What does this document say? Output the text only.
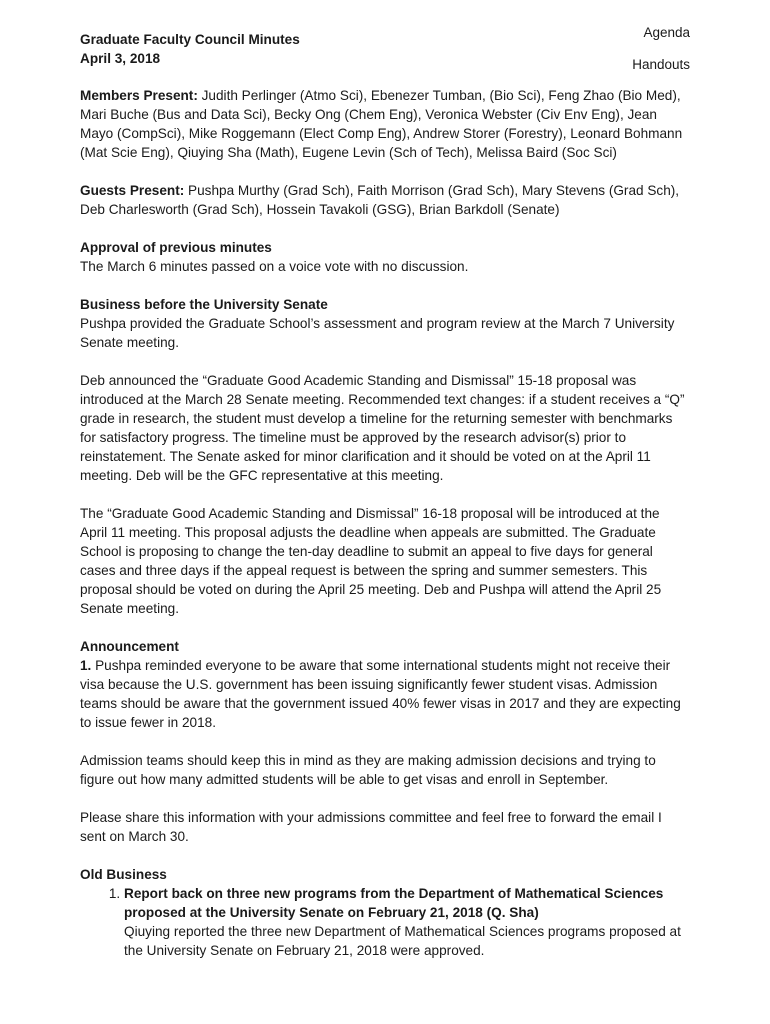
Agenda
Handouts
Graduate Faculty Council Minutes
April 3, 2018

Members Present: Judith Perlinger (Atmo Sci), Ebenezer Tumban, (Bio Sci), Feng Zhao (Bio Med), Mari Buche (Bus and Data Sci), Becky Ong (Chem Eng), Veronica Webster (Civ Env Eng), Jean Mayo (CompSci), Mike Roggemann (Elect Comp Eng), Andrew Storer (Forestry), Leonard Bohmann (Mat Scie Eng), Qiuying Sha (Math), Eugene Levin (Sch of Tech), Melissa Baird (Soc Sci)

Guests Present: Pushpa Murthy (Grad Sch), Faith Morrison (Grad Sch), Mary Stevens (Grad Sch), Deb Charlesworth (Grad Sch), Hossein Tavakoli (GSG), Brian Barkdoll (Senate)

Approval of previous minutes
The March 6 minutes passed on a voice vote with no discussion.

Business before the University Senate
Pushpa provided the Graduate School’s assessment and program review at the March 7 University Senate meeting.

Deb announced the “Graduate Good Academic Standing and Dismissal” 15-18 proposal was introduced at the March 28 Senate meeting. Recommended text changes: if a student receives a “Q” grade in research, the student must develop a timeline for the returning semester with benchmarks for satisfactory progress. The timeline must be approved by the research advisor(s) prior to reinstatement. The Senate asked for minor clarification and it should be voted on at the April 11 meeting. Deb will be the GFC representative at this meeting.

The “Graduate Good Academic Standing and Dismissal” 16-18 proposal will be introduced at the April 11 meeting. This proposal adjusts the deadline when appeals are submitted. The Graduate School is proposing to change the ten-day deadline to submit an appeal to five days for general cases and three days if the appeal request is between the spring and summer semesters. This proposal should be voted on during the April 25 meeting. Deb and Pushpa will attend the April 25 Senate meeting.

Announcement
1. Pushpa reminded everyone to be aware that some international students might not receive their visa because the U.S. government has been issuing significantly fewer student visas. Admission teams should be aware that the government issued 40% fewer visas in 2017 and they are expecting to issue fewer in 2018.

Admission teams should keep this in mind as they are making admission decisions and trying to figure out how many admitted students will be able to get visas and enroll in September.

Please share this information with your admissions committee and feel free to forward the email I sent on March 30.

Old Business
1. Report back on three new programs from the Department of Mathematical Sciences proposed at the University Senate on February 21, 2018 (Q. Sha)
Qiuying reported the three new Department of Mathematical Sciences programs proposed at the University Senate on February 21, 2018 were approved.
